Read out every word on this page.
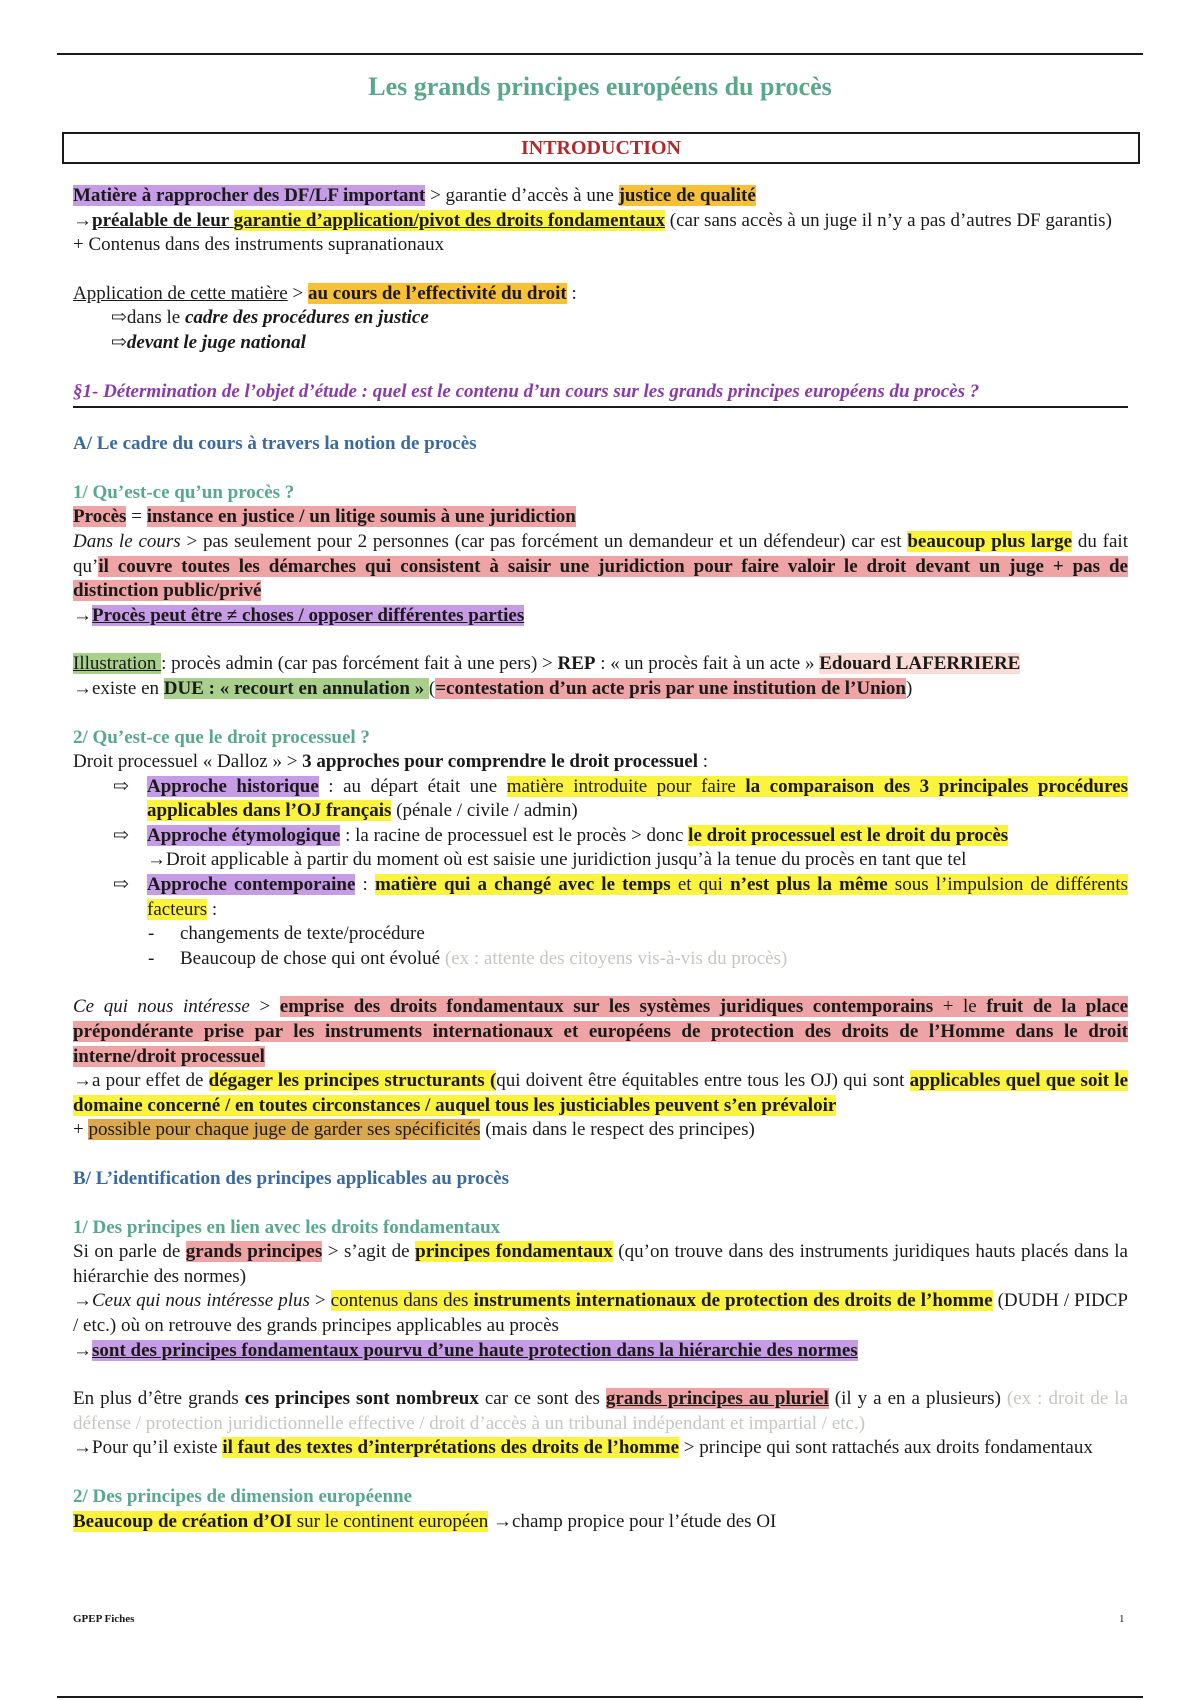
Les grands principes européens du procès
INTRODUCTION

Matière à rapprocher des DF/LF important > garantie d’accès à une justice de qualité

→préalable de leur garantie d’application/pivot des droits fondamentaux (car sans accès à un juge il n’y a pas d’autres DF garantis)

+ Contenus dans des instruments supranationaux

Application de cette matière > au cours de l’effectivité du droit :

⇨dans le cadre des procédures en justice

⇨devant le juge national

§1- Détermination de l’objet d’étude : quel est le contenu d’un cours sur les grands principes européens du procès ?

A/ Le cadre du cours à travers la notion de procès

1/ Qu’est-ce qu’un procès ?

Procès = instance en justice / un litige soumis à une juridiction

Dans le cours > pas seulement pour 2 personnes (car pas forcément un demandeur et un défendeur) car est beaucoup plus large du fait qu’il couvre toutes les démarches qui consistent à saisir une juridiction pour faire valoir le droit devant un juge + pas de distinction public/privé

→Procès peut être ≠ choses / opposer différentes parties

Illustration : procès admin (car pas forcément fait à une pers) > REP : « un procès fait à un acte » Edouard LAFERRIERE

→existe en DUE : « recourt en annulation » (=contestation d’un acte pris par une institution de l’Union)

2/ Qu’est-ce que le droit processuel ?

Droit processuel « Dalloz » > 3 approches pour comprendre le droit processuel :

⇨ Approche historique : au départ était une matière introduite pour faire la comparaison des 3 principales procédures applicables dans l’OJ français (pénale / civile / admin)
⇨ Approche étymologique : la racine de processuel est le procès > donc le droit processuel est le droit du procès
→Droit applicable à partir du moment où est saisie une juridiction jusqu’à la tenue du procès en tant que tel
⇨ Approche contemporaine : matière qui a changé avec le temps et qui n’est plus la même sous l’impulsion de différents facteurs :
-	changements de texte/procédure
-	Beaucoup de chose qui ont évolué (ex : attente des citoyens vis-à-vis du procès)

Ce qui nous intéresse > emprise des droits fondamentaux sur les systèmes juridiques contemporains + le fruit de la place prépondérante prise par les instruments internationaux et européens de protection des droits de l’Homme dans le droit interne/droit processuel

→a pour effet de dégager les principes structurants (qui doivent être équitables entre tous les OJ) qui sont applicables quel que soit le domaine concerné / en toutes circonstances / auquel tous les justiciables peuvent s’en prévaloir

+ possible pour chaque juge de garder ses spécificités (mais dans le respect des principes)

B/ L’identification des principes applicables au procès

1/ Des principes en lien avec les droits fondamentaux

Si on parle de grands principes > s’agit de principes fondamentaux (qu’on trouve dans des instruments juridiques hauts placés dans la hiérarchie des normes)

→Ceux qui nous intéresse plus > contenus dans des instruments internationaux de protection des droits de l’homme (DUDH / PIDCP / etc.) où on retrouve des grands principes applicables au procès

→sont des principes fondamentaux pourvu d’une haute protection dans la hiérarchie des normes

En plus d’être grands ces principes sont nombreux car ce sont des grands principes au pluriel (il y a en a plusieurs) (ex : droit de la défense / protection juridictionnelle effective / droit d’accès à un tribunal indépendant et impartial / etc.)

→Pour qu’il existe il faut des textes d’interprétations des droits de l’homme > principe qui sont rattachés aux droits fondamentaux

2/ Des principes de dimension européenne

Beaucoup de création d’OI sur le continent européen →champ propice pour l’étude des OI

GPEP Fiches	1
